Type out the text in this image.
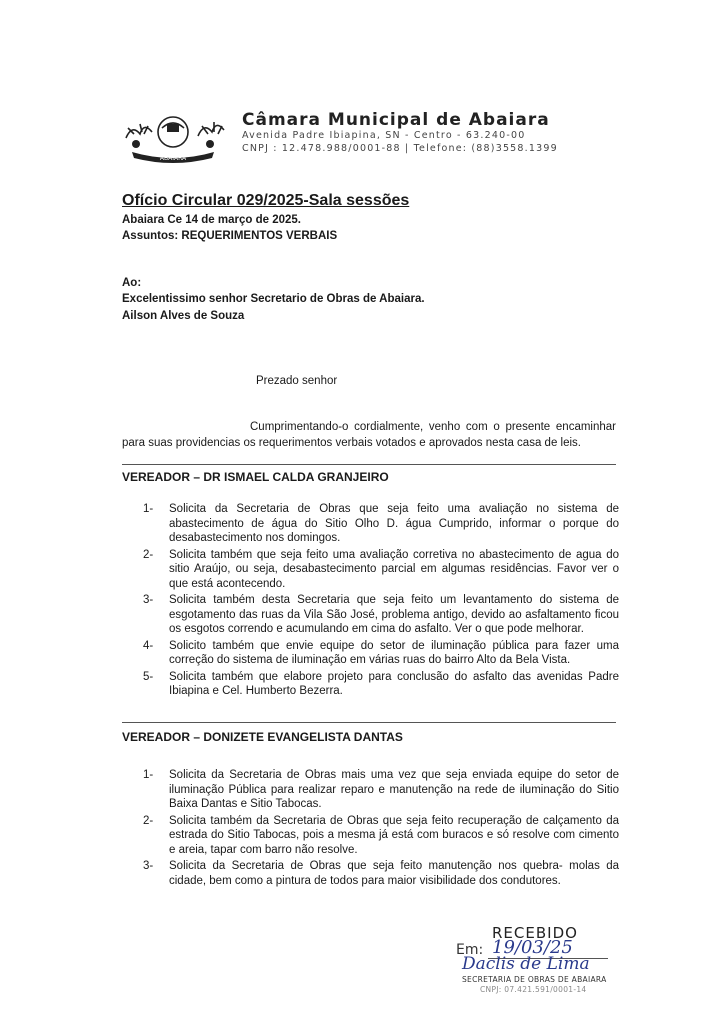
ABAIARA
Câmara Municipal de Abaiara
Avenida Padre Ibiapina, SN - Centro - 63.240-00
CNPJ : 12.478.988/0001-88 | Telefone: (88)3558.1399
Ofício Circular 029/2025-Sala sessões
Abaiara Ce 14 de março de 2025.
Assuntos: REQUERIMENTOS VERBAIS
Ao:
Excelentissimo senhor Secretario de Obras de Abaiara.
Ailson Alves de Souza
Prezado senhor
Cumprimentando-o cordialmente, venho com o presente encaminhar
para suas providencias os requerimentos verbais votados e aprovados nesta casa de leis.
VEREADOR – DR ISMAEL CALDA GRANJEIRO
1- Solicita da Secretaria de Obras que seja feito uma avaliação no sistema de abastecimento de água do Sitio Olho D. água Cumprido, informar o porque do desabastecimento nos domingos.
2- Solicita também que seja feito uma avaliação corretiva no abastecimento de agua do sitio Araújo, ou seja, desabastecimento parcial em algumas residências. Favor ver o que está acontecendo.
3- Solicita também desta Secretaria que seja feito um levantamento do sistema de esgotamento das ruas da Vila São José, problema antigo, devido ao asfaltamento ficou os esgotos correndo e acumulando em cima do asfalto. Ver o que pode melhorar.
4- Solicito também que envie equipe do setor de iluminação pública para fazer uma correção do sistema de iluminação em várias ruas do bairro Alto da Bela Vista.
5- Solicita também que elabore projeto para conclusão do asfalto das avenidas Padre Ibiapina e Cel. Humberto Bezerra.
VEREADOR – DONIZETE EVANGELISTA DANTAS
1- Solicita da Secretaria de Obras mais uma vez que seja enviada equipe do setor de iluminação Pública para realizar reparo e manutenção na rede de iluminação do Sitio Baixa Dantas e Sitio Tabocas.
2- Solicita também da Secretaria de Obras que seja feito recuperação de calçamento da estrada do Sitio Tabocas, pois a mesma já está com buracos e só resolve com cimento e areia, tapar com barro não resolve.
3- Solicita da Secretaria de Obras que seja feito manutenção nos quebra- molas da cidade, bem como a pintura de todos para maior visibilidade dos condutores.
RECEBIDO
Em: 19/03/25
Daclis de Lima
SECRETARIA DE OBRAS DE ABAIARA
CNPJ: 07.421.591/0001-14
